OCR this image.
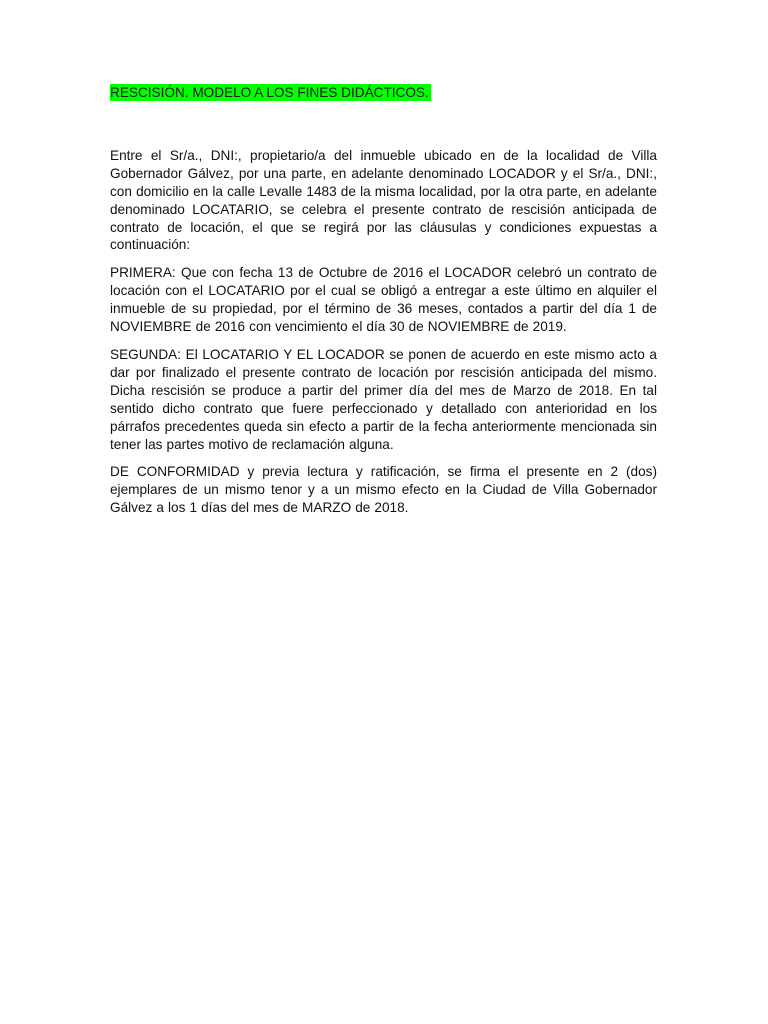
RESCISIÓN. MODELO A LOS FINES DIDÁCTICOS.

Entre el Sr/a., DNI:, propietario/a del inmueble ubicado en de la localidad de Villa Gobernador Gálvez, por una parte, en adelante denominado LOCADOR y el Sr/a., DNI:, con domicilio en la calle Levalle 1483 de la misma localidad, por la otra parte, en adelante denominado LOCATARIO, se celebra el presente contrato de rescisión anticipada de contrato de locación, el que se regirá por las cláusulas y condiciones expuestas a continuación:

PRIMERA: Que con fecha 13 de Octubre de 2016 el LOCADOR celebró un contrato de locación con el LOCATARIO por el cual se obligó a entregar a este último en alquiler el inmueble de su propiedad, por el término de 36 meses, contados a partir del día 1 de NOVIEMBRE de 2016 con vencimiento el día 30 de NOVIEMBRE de 2019.

SEGUNDA: El LOCATARIO Y EL LOCADOR se ponen de acuerdo en este mismo acto a dar por finalizado el presente contrato de locación por rescisión anticipada del mismo. Dicha rescisión se produce a partir del primer día del mes de Marzo de 2018. En tal sentido dicho contrato que fuere perfeccionado y detallado con anterioridad en los párrafos precedentes queda sin efecto a partir de la fecha anteriormente mencionada sin tener las partes motivo de reclamación alguna.

DE CONFORMIDAD y previa lectura y ratificación, se firma el presente en 2 (dos) ejemplares de un mismo tenor y a un mismo efecto en la Ciudad de Villa Gobernador Gálvez a los 1 días del mes de MARZO de 2018.
